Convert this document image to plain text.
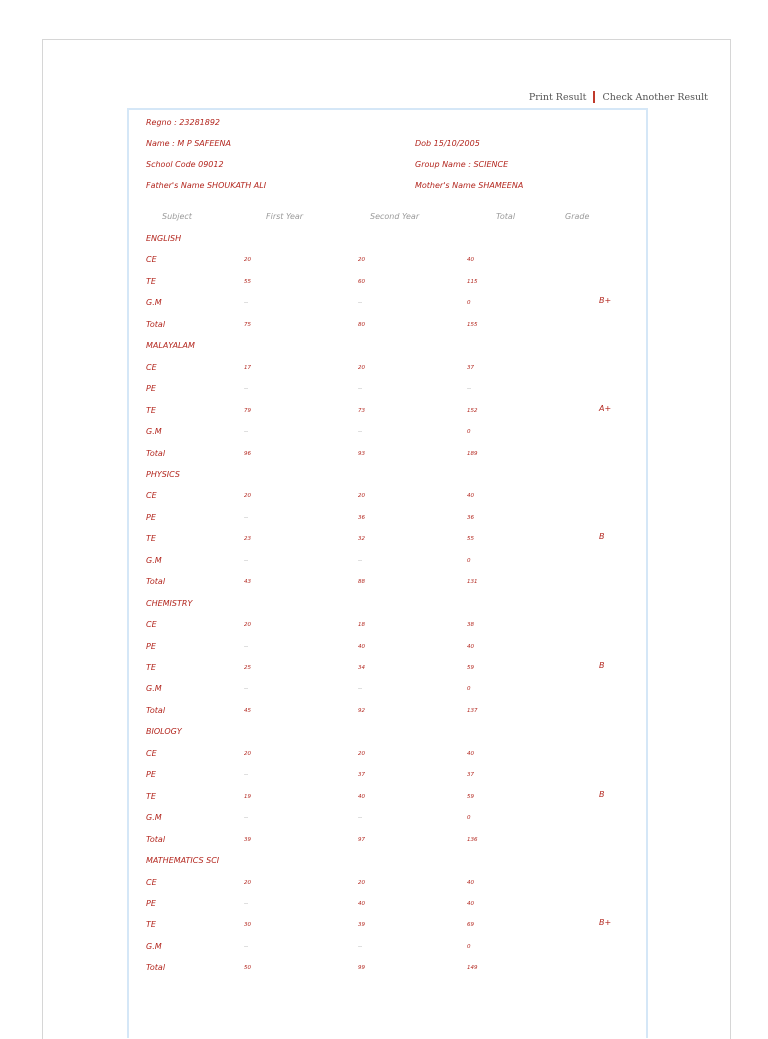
Print Result Check Another Result
Regno : 23281892
Name : M P SAFEENA	Dob 15/10/2005
School Code 09012	Group Name : SCIENCE
Father's Name SHOUKATH ALI	Mother's Name SHAMEENA
Subject	First Year	Second Year	Total	Grade
ENGLISH
CE	20	20	40
TE	55	60	115
G.M	--	--	0	B+
Total	75	80	155
MALAYALAM
CE	17	20	37
PE	--	--	--
TE	79	73	152	A+
G.M	--	--	0
Total	96	93	189
PHYSICS
CE	20	20	40
PE	--	36	36
TE	23	32	55	B
G.M	--	--	0
Total	43	88	131
CHEMISTRY
CE	20	18	38
PE	--	40	40
TE	25	34	59	B
G.M	--	--	0
Total	45	92	137
BIOLOGY
CE	20	20	40
PE	--	37	37
TE	19	40	59	B
G.M	--	--	0
Total	39	97	136
MATHEMATICS SCI
CE	20	20	40
PE	--	40	40
TE	30	39	69	B+
G.M	--	--	0
Total	50	99	149
